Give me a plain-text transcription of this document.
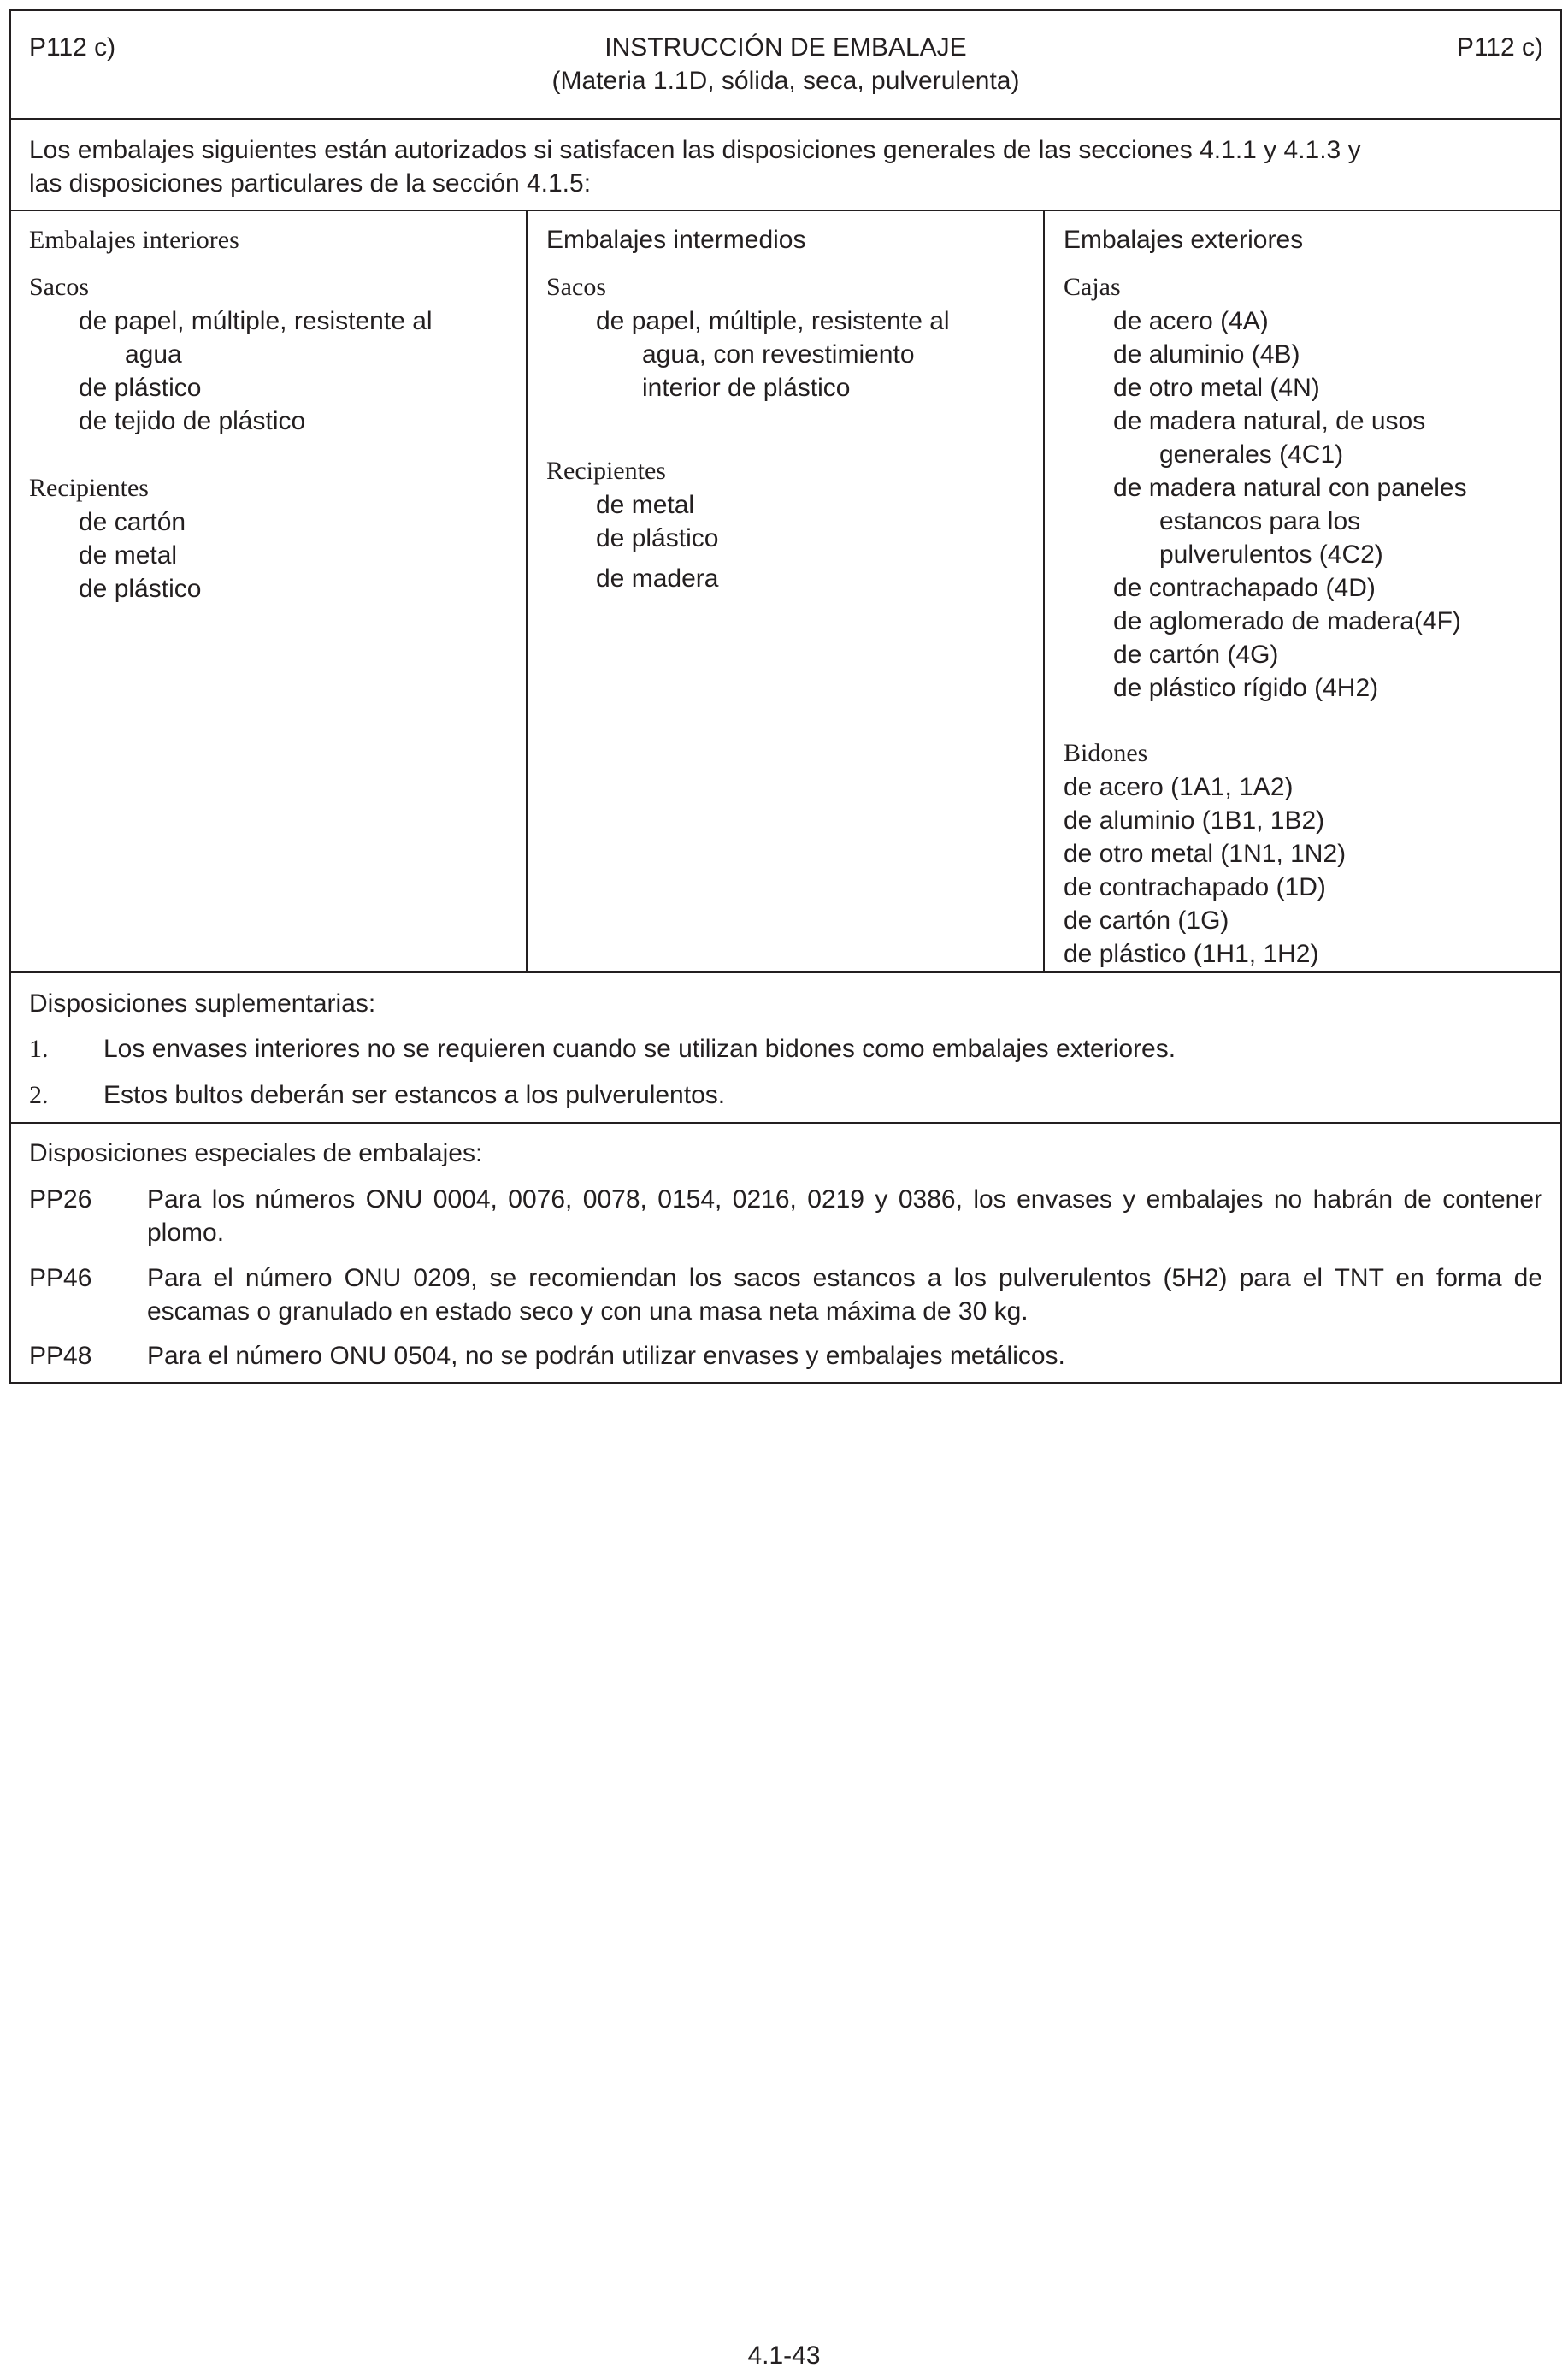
P112 c)	INSTRUCCIÓN DE EMBALAJE
(Materia 1.1D, sólida, seca, pulverulenta)
P112 c)
Los embalajes siguientes están autorizados si satisfacen las disposiciones generales de las secciones 4.1.1 y 4.1.3 y
las disposiciones particulares de la sección 4.1.5:
Embalajes interiores
Sacos
de papel, múltiple, resistente al
agua
de plástico
de tejido de plástico
Recipientes
de cartón
de metal
de plástico
Embalajes intermedios
Sacos
de papel, múltiple, resistente al
agua, con revestimiento
interior de plástico
Recipientes
de metal
de plástico
de madera
Embalajes exteriores
Cajas
de acero (4A)
de aluminio (4B)
de otro metal (4N)
de madera natural, de usos
generales (4C1)
de madera natural con paneles
estancos para los
pulverulentos (4C2)
de contrachapado (4D)
de aglomerado de madera(4F)
de cartón (4G)
de plástico rígido (4H2)
Bidones
de acero (1A1, 1A2)
de aluminio (1B1, 1B2)
de otro metal (1N1, 1N2)
de contrachapado (1D)
de cartón (1G)
de plástico (1H1, 1H2)
Disposiciones suplementarias:
1. Los envases interiores no se requieren cuando se utilizan bidones como embalajes exteriores.
2. Estos bultos deberán ser estancos a los pulverulentos.
Disposiciones especiales de embalajes:
PP26 Para los números ONU 0004, 0076, 0078, 0154, 0216, 0219 y 0386, los envases y embalajes no habrán de contener plomo.
PP46 Para el número ONU 0209, se recomiendan los sacos estancos a los pulverulentos (5H2) para el TNT en forma de escamas o granulado en estado seco y con una masa neta máxima de 30 kg.
PP48 Para el número ONU 0504, no se podrán utilizar envases y embalajes metálicos.
4.1-43
